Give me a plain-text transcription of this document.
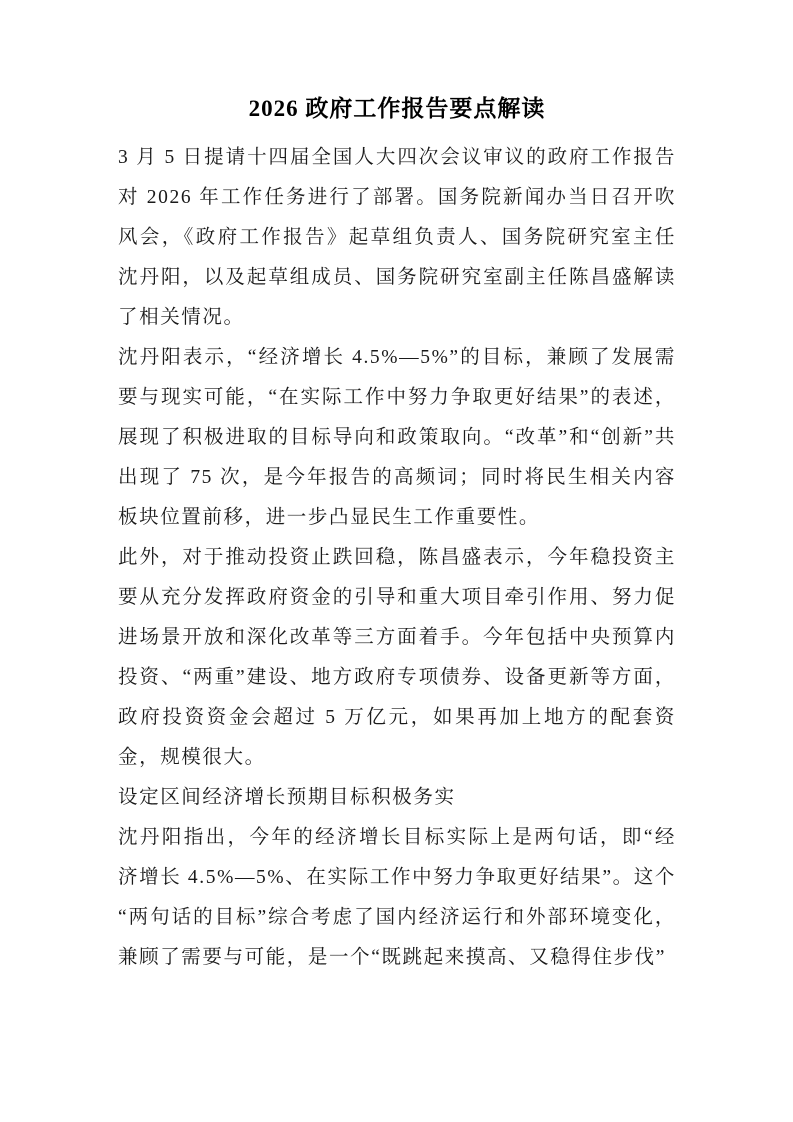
2026 政府工作报告要点解读

3 月 5 日提请十四届全国人大四次会议审议的政府工作报告对 2026 年工作任务进行了部署。国务院新闻办当日召开吹风会，《政府工作报告》起草组负责人、国务院研究室主任沈丹阳，以及起草组成员、国务院研究室副主任陈昌盛解读了相关情况。

沈丹阳表示，“经济增长 4.5%—5%”的目标，兼顾了发展需要与现实可能，“在实际工作中努力争取更好结果”的表述，展现了积极进取的目标导向和政策取向。“改革”和“创新”共出现了 75 次，是今年报告的高频词；同时将民生相关内容板块位置前移，进一步凸显民生工作重要性。

此外，对于推动投资止跌回稳，陈昌盛表示，今年稳投资主要从充分发挥政府资金的引导和重大项目牵引作用、努力促进场景开放和深化改革等三方面着手。今年包括中央预算内投资、“两重”建设、地方政府专项债券、设备更新等方面，政府投资资金会超过 5 万亿元，如果再加上地方的配套资金，规模很大。

设定区间经济增长预期目标积极务实

沈丹阳指出，今年的经济增长目标实际上是两句话，即“经济增长 4.5%—5%、在实际工作中努力争取更好结果”。这个“两句话的目标”综合考虑了国内经济运行和外部环境变化，兼顾了需要与可能，是一个“既跳起来摸高、又稳得住步伐”
